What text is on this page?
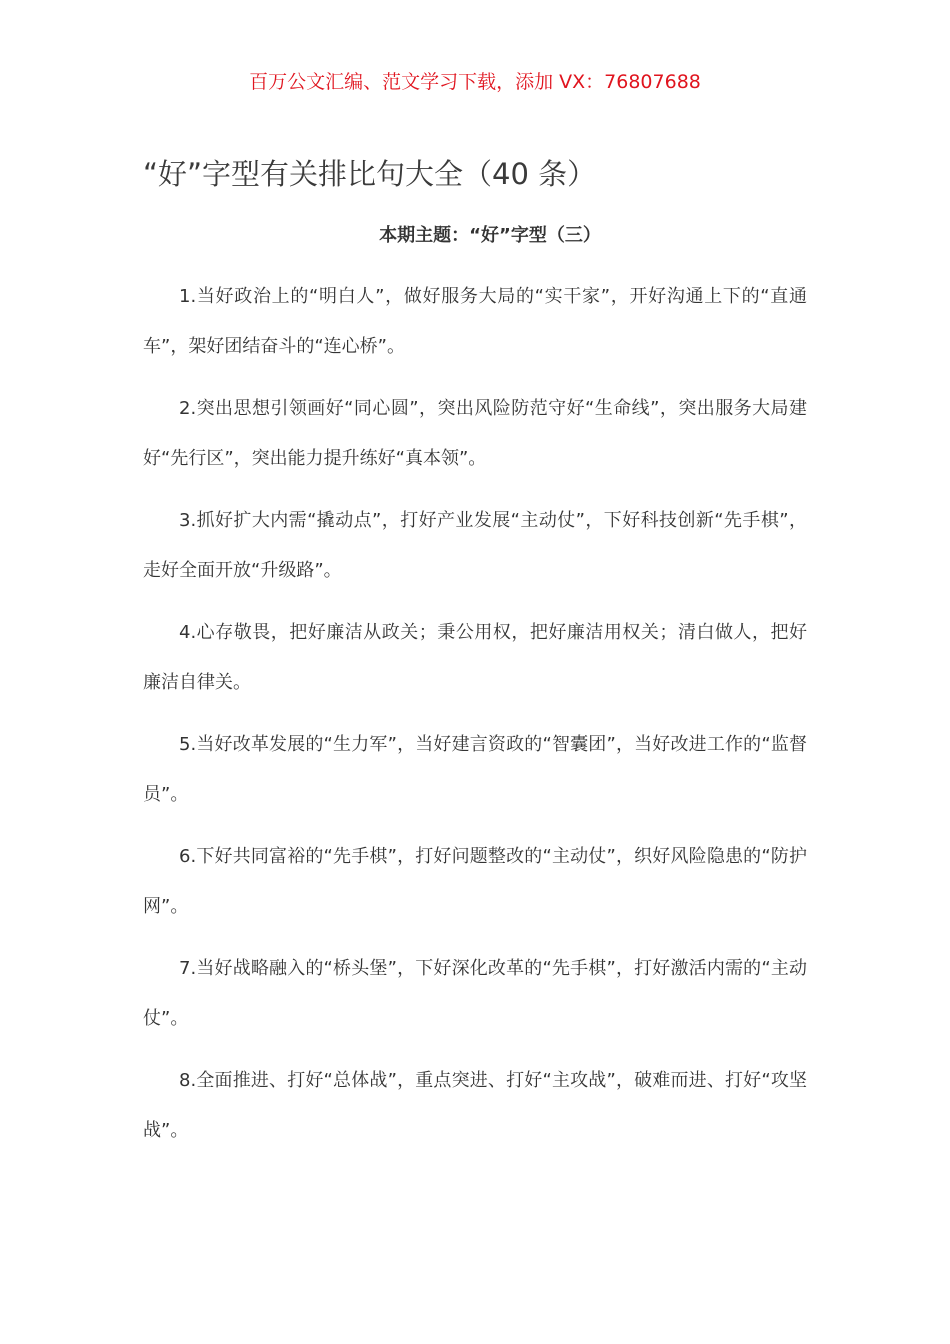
百万公文汇编、范文学习下载，添加 VX：76807688
“好”字型有关排比句大全（40 条）
本期主题：“好”字型（三）

1.当好政治上的“明白人”，做好服务大局的“实干家”，开好沟通上下的“直通车”，架好团结奋斗的“连心桥”。

2.突出思想引领画好“同心圆”，突出风险防范守好“生命线”，突出服务大局建好“先行区”，突出能力提升练好“真本领”。

3.抓好扩大内需“撬动点”，打好产业发展“主动仗”，下好科技创新“先手棋”，走好全面开放“升级路”。

4.心存敬畏，把好廉洁从政关；秉公用权，把好廉洁用权关；清白做人，把好廉洁自律关。

5.当好改革发展的“生力军”，当好建言资政的“智囊团”，当好改进工作的“监督员”。

6.下好共同富裕的“先手棋”，打好问题整改的“主动仗”，织好风险隐患的“防护网”。

7.当好战略融入的“桥头堡”，下好深化改革的“先手棋”，打好激活内需的“主动仗”。

8.全面推进、打好“总体战”，重点突进、打好“主攻战”，破难而进、打好“攻坚战”。
